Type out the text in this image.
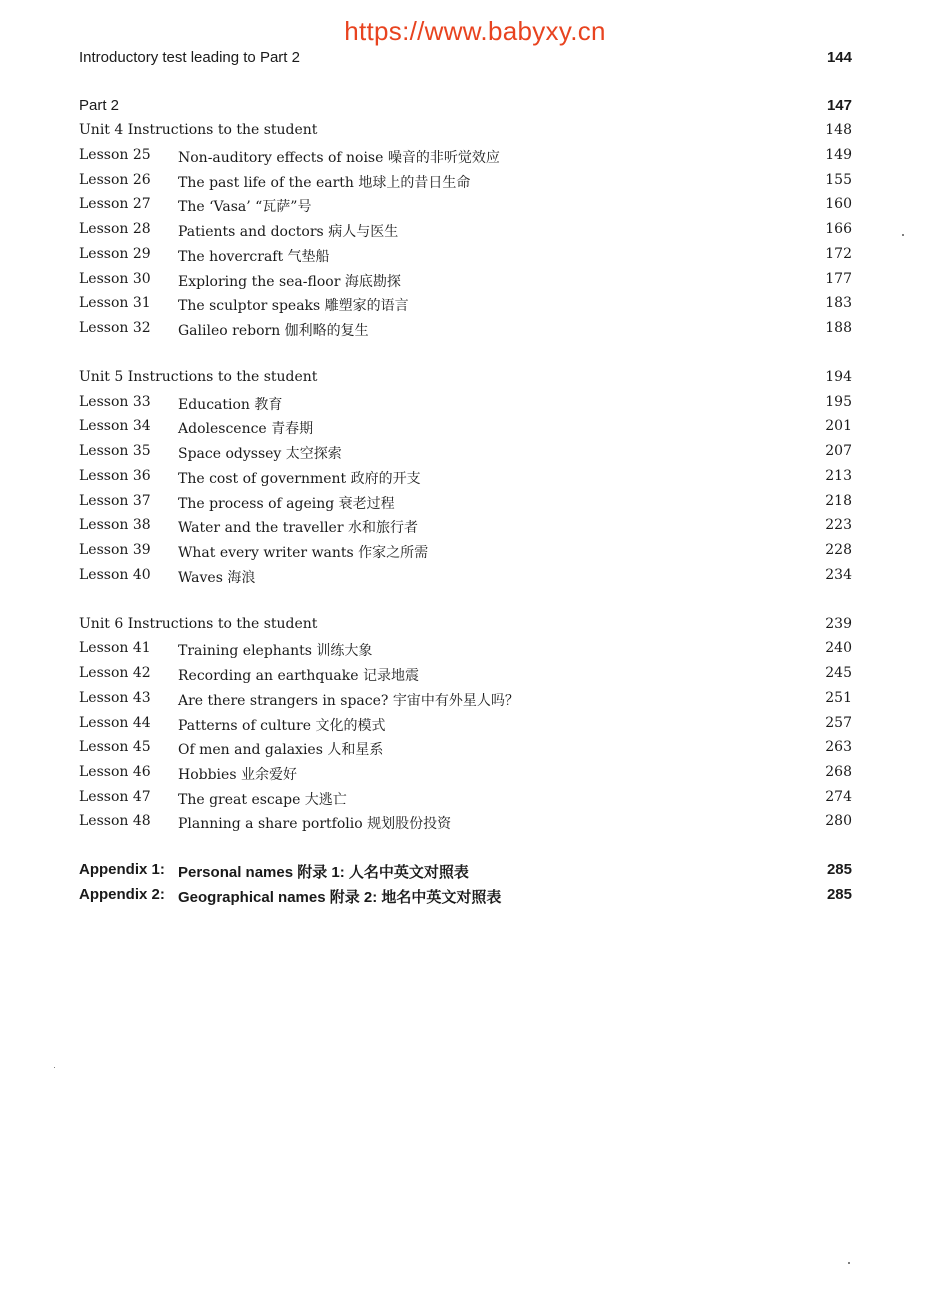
https://www.babyxy.cn
Introductory test leading to Part 2	144
Part 2	147
Unit 4 Instructions to the student	148
Lesson 25 Non-auditory effects of noise 噪音的非听觉效应	149
Lesson 26 The past life of the earth 地球上的昔日生命	155
Lesson 27 The ‘Vasa’ “瓦萨”号	160
Lesson 28 Patients and doctors 病人与医生	166
Lesson 29 The hovercraft 气垫船	172
Lesson 30 Exploring the sea-floor 海底勘探	177
Lesson 31 The sculptor speaks 雕塑家的语言	183
Lesson 32 Galileo reborn 伽利略的复生	188
Unit 5 Instructions to the student	194
Lesson 33 Education 教育	195
Lesson 34 Adolescence 青春期	201
Lesson 35 Space odyssey 太空探索	207
Lesson 36 The cost of government 政府的开支	213
Lesson 37 The process of ageing 衰老过程	218
Lesson 38 Water and the traveller 水和旅行者	223
Lesson 39 What every writer wants 作家之所需	228
Lesson 40 Waves 海浪	234
Unit 6 Instructions to the student	239
Lesson 41 Training elephants 训练大象	240
Lesson 42 Recording an earthquake 记录地震	245
Lesson 43 Are there strangers in space? 宇宙中有外星人吗？	251
Lesson 44 Patterns of culture 文化的模式	257
Lesson 45 Of men and galaxies 人和星系	263
Lesson 46 Hobbies 业余爱好	268
Lesson 47 The great escape 大逃亡	274
Lesson 48 Planning a share portfolio 规划股份投资	280
Appendix 1: Personal names 附录 1: 人名中英文对照表	285
Appendix 2: Geographical names 附录 2: 地名中英文对照表	285
